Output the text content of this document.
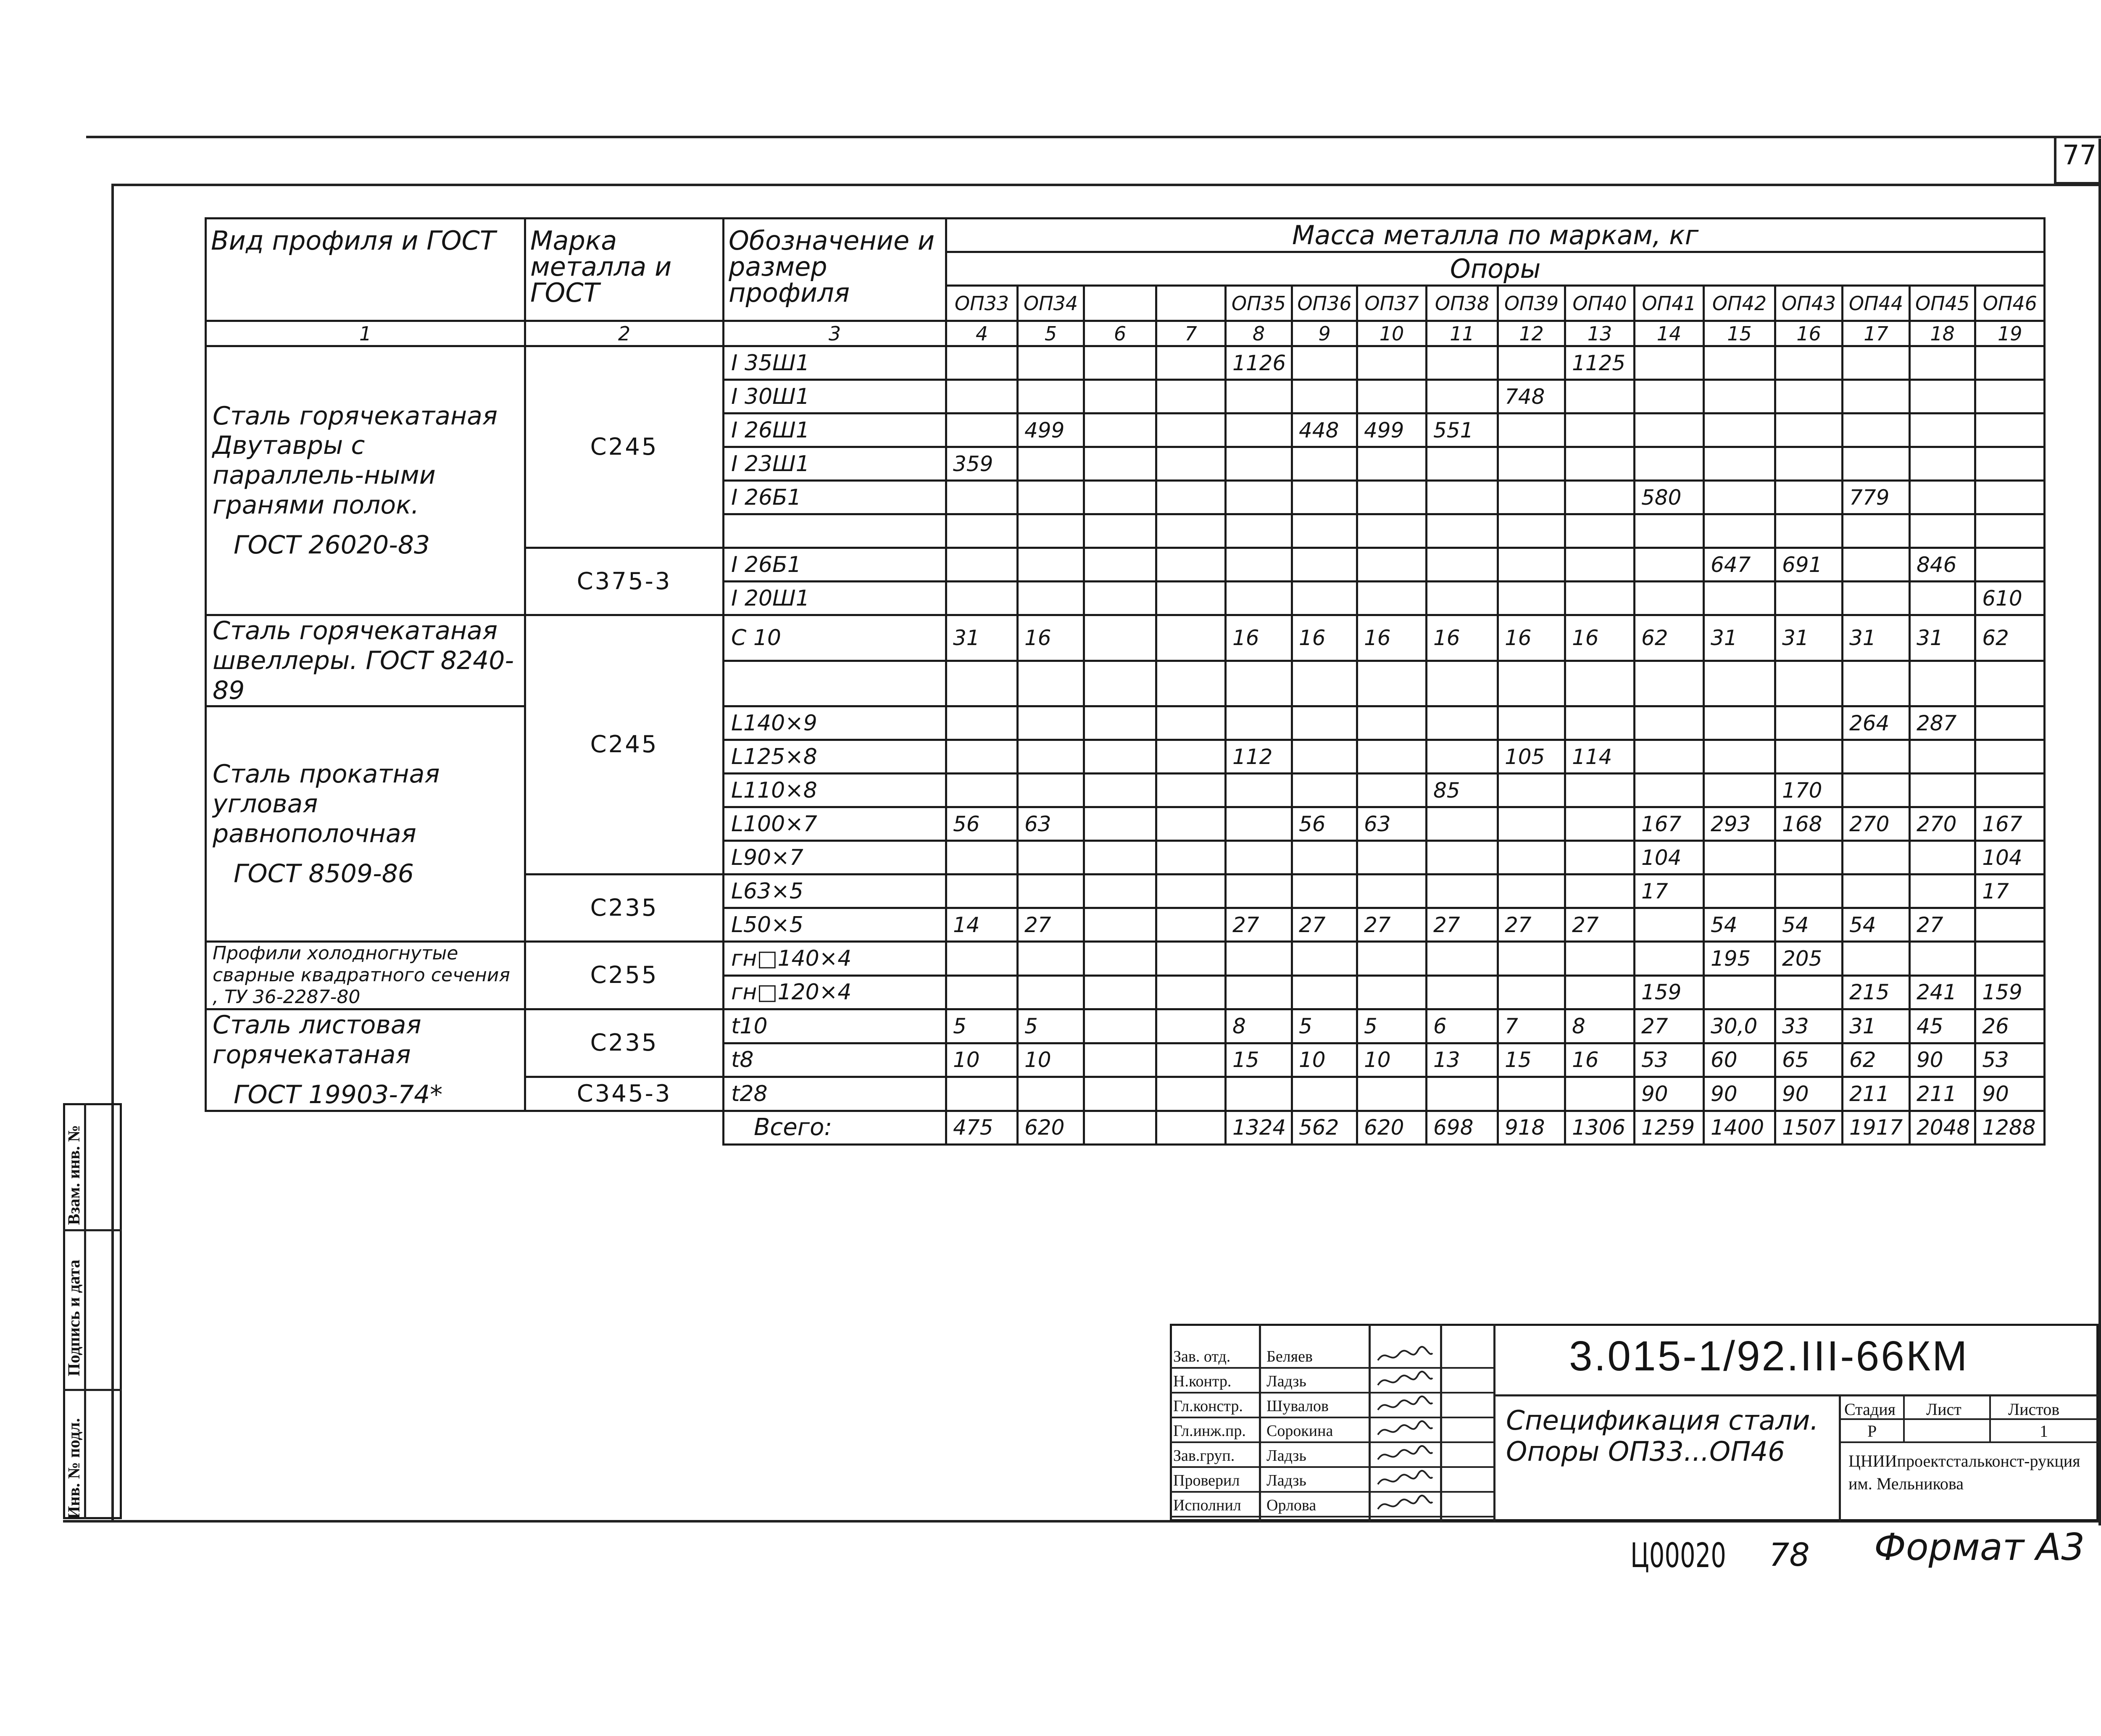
77
Вид профиля и ГОСТ	Марка металла и ГОСТ	Обозначение и размер профиля	Масса металла по маркам, кг															
			Опоры															
			ОП33	ОП34			ОП35	ОП36	ОП37	ОП38	ОП39	ОП40	ОП41	ОП42	ОП43	ОП44	ОП45	ОП46
1	2	3	4	5	6	7	8	9	10	11	12	13	14	15	16	17	18	19

Сталь горячекатаная Двутавры с параллель-ными гранями полок.
ГОСТ 26020-83	С245	I 35Ш1					1126					1125						
		I 30Ш1									748							
		I 26Ш1		499				448	499	551								
		I 23Ш1	359															
		I 26Б1											580			779		

	С375-3	I 26Б1												647	691		846	
		I 20Ш1																610

Сталь горячекатаная швеллеры. ГОСТ 8240-89	С245	С 10	31	16			16	16	16	16	16	16	62	31	31	31	31	62

Сталь прокатная угловая равнополочная
ГОСТ 8509-86		L140×9														264	287	
		L125×8					112				105	114						
		L110×8								85					170			
		L100×7	56	63				56	63				167	293	168	270	270	167
		L90×7											104					104
	С235	L63×5											17					17
		L50×5	14	27			27	27	27	27	27	27		54	54	54	27	

Профили холодногнутые сварные квадратного сечения , ТУ 36-2287-80	С255	гн□140×4												195	205			
		гн□120×4											159			215	241	159

Сталь листовая горячекатаная
ГОСТ 19903-74*	С235	t10	5	5			8	5	5	6	7	8	27	30,0	33	31	45	26
		t8	10	10			15	10	10	13	15	16	53	60	65	62	90	53
	С345-3	t28											90	90	90	211	211	90
		Всего:	475	620			1324	562	620	698	918	1306	1259	1400	1507	1917	2048	1288
3.015-1/92.III-66КМ
Спецификация стали. Опоры ОП33...ОП46
Стадия Лист	Листов
Р	1
ЦНИИпроектстальконст-рукция им. Мельникова
Зав. отд. Беляев
Н.контр. Ладзь
Гл.констр. Шувалов
Гл.инж.пр. Сорокина
Зав.груп. Ладзь
Проверил Ладзь
Исполнил Орлова
Инв. № подл.
Подпись и дата
Взам. инв. №
Ц00020 78 Формат А3
